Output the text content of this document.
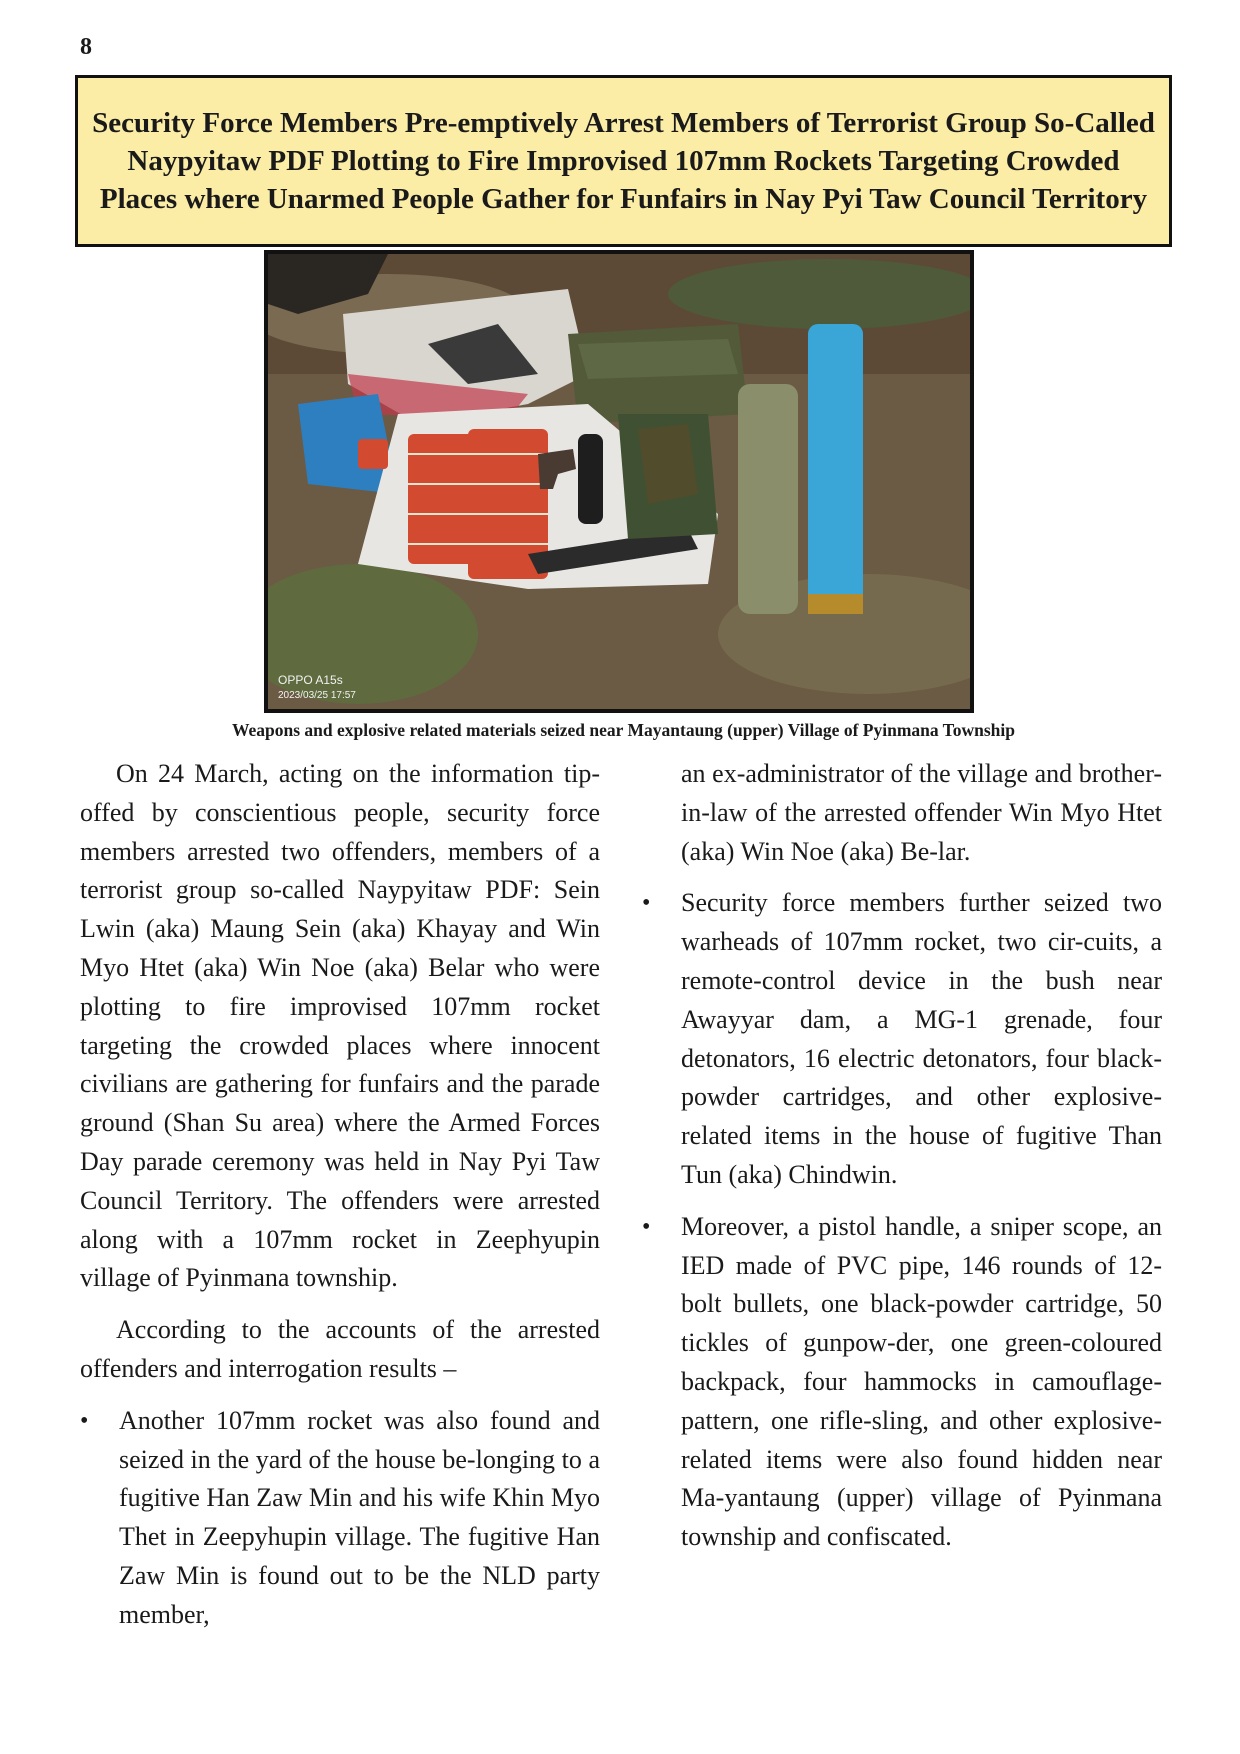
8
Security Force Members Pre-emptively Arrest Members of Terrorist Group So-Called Naypyitaw PDF Plotting to Fire Improvised 107mm Rockets Targeting Crowded Places where Unarmed People Gather for Funfairs in Nay Pyi Taw Council Territory
OPPO A15s
2023/03/25 17:57
Weapons and explosive related materials seized near Mayantaung (upper) Village of Pyinmana Township

On 24 March, acting on the information tip-offed by conscientious people, security force members arrested two offenders, members of a terrorist group so-called Naypyitaw PDF: Sein Lwin (aka) Maung Sein (aka) Khayay and Win Myo Htet (aka) Win Noe (aka) Belar who were plotting to fire improvised 107mm rocket targeting the crowded places where innocent civilians are gathering for funfairs and the parade ground (Shan Su area) where the Armed Forces Day parade ceremony was held in Nay Pyi Taw Council Territory. The offenders were arrested along with a 107mm rocket in Zeephyupin village of Pyinmana township.

According to the accounts of the arrested offenders and interrogation results –

• Another 107mm rocket was also found and seized in the yard of the house be-longing to a fugitive Han Zaw Min and his wife Khin Myo Thet in Zeepyhupin village. The fugitive Han Zaw Min is found out to be the NLD party member,

an ex-administrator of the village and brother-in-law of the arrested offender Win Myo Htet (aka) Win Noe (aka) Be-lar.

• Security force members further seized two warheads of 107mm rocket, two cir-cuits, a remote-control device in the bush near Awayyar dam, a MG-1 grenade, four detonators, 16 electric detonators, four black-powder cartridges, and other explosive-related items in the house of fugitive Than Tun (aka) Chindwin.
• Moreover, a pistol handle, a sniper scope, an IED made of PVC pipe, 146 rounds of 12-bolt bullets, one black-powder cartridge, 50 tickles of gunpow-der, one green-coloured backpack, four hammocks in camouflage-pattern, one rifle-sling, and other explosive-related items were also found hidden near Ma-yantaung (upper) village of Pyinmana township and confiscated.
